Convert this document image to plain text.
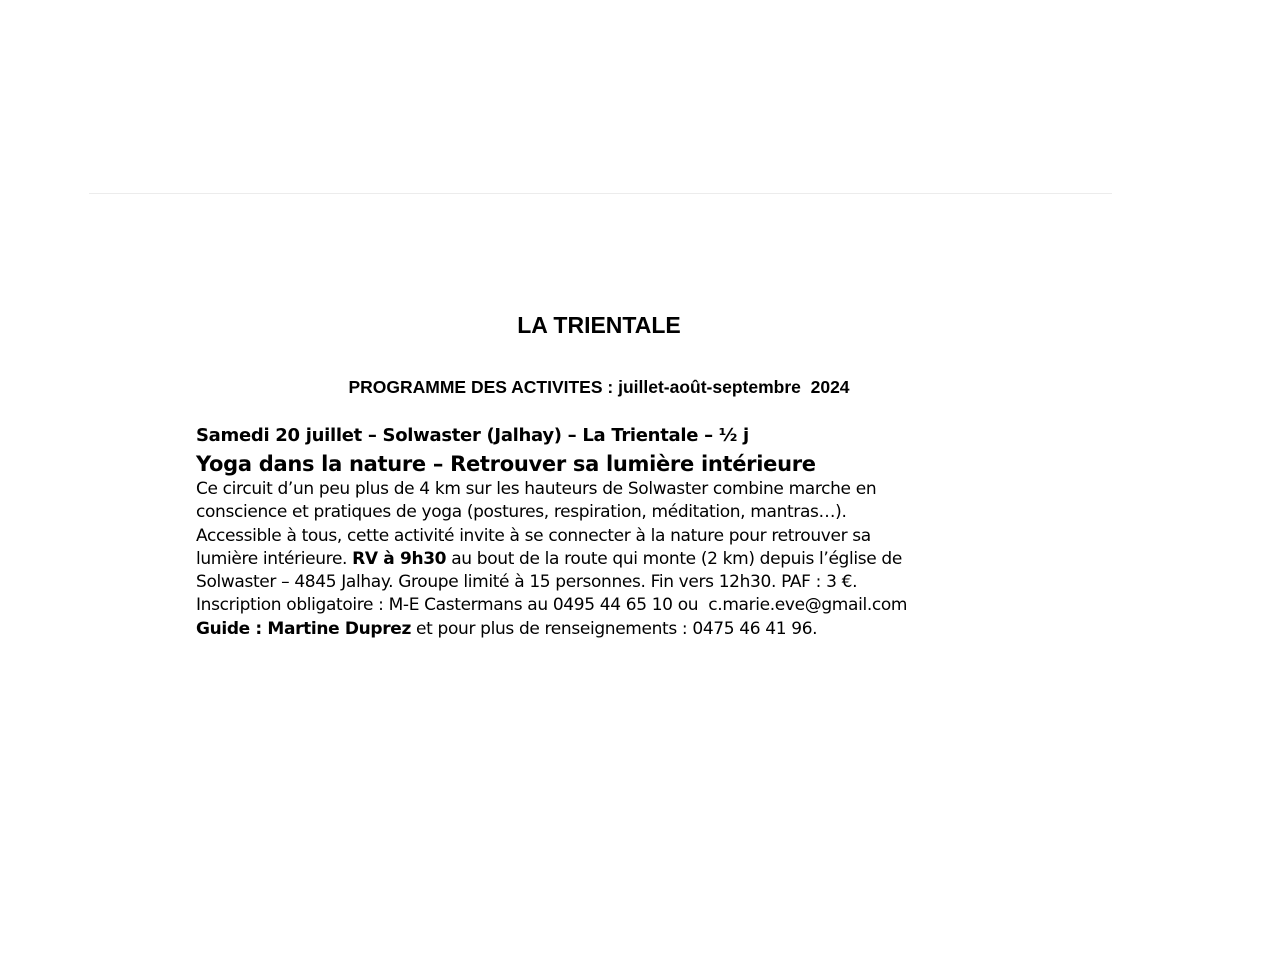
LA TRIENTALE
PROGRAMME DES ACTIVITES : juillet-août-septembre  2024

Samedi 20 juillet – Solwaster (Jalhay) – La Trientale – ½ j

Yoga dans la nature – Retrouver sa lumière intérieure

Ce circuit d’un peu plus de 4 km sur les hauteurs de Solwaster combine marche en
conscience et pratiques de yoga (postures, respiration, méditation, mantras…).
Accessible à tous, cette activité invite à se connecter à la nature pour retrouver sa
lumière intérieure. RV à 9h30 au bout de la route qui monte (2 km) depuis l’église de
Solwaster – 4845 Jalhay. Groupe limité à 15 personnes. Fin vers 12h30. PAF : 3 €.
Inscription obligatoire : M-E Castermans au 0495 44 65 10 ou  c.marie.eve@gmail.com
Guide : Martine Duprez et pour plus de renseignements : 0475 46 41 96.
